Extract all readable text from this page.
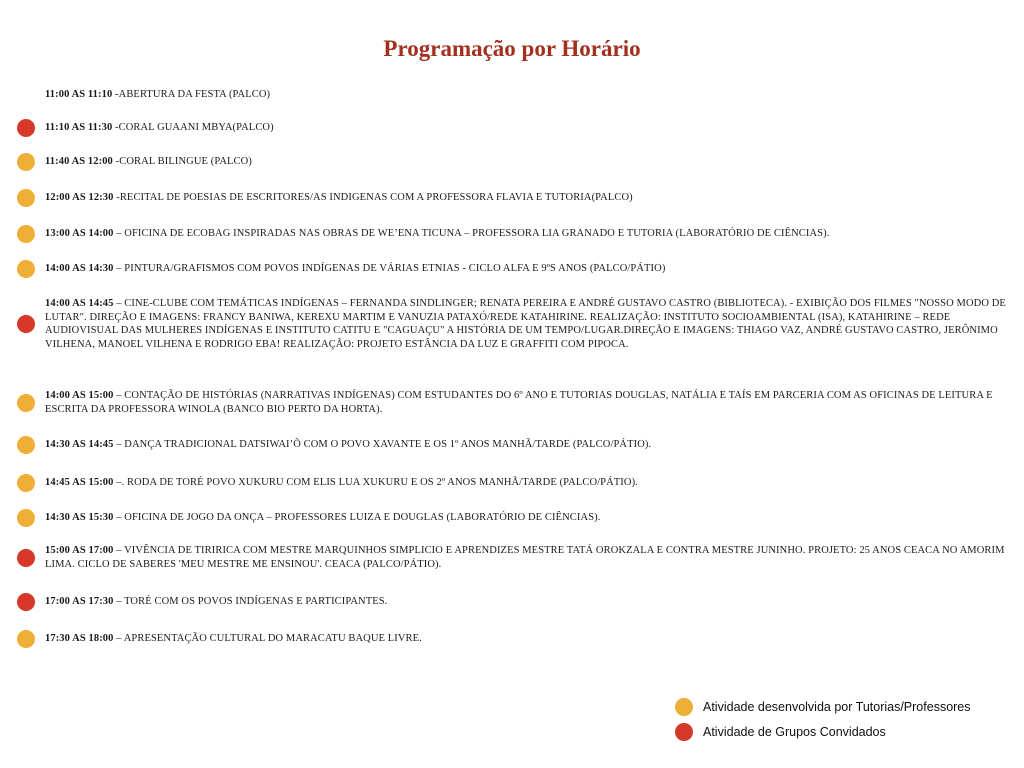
Programação por Horário
11:00 AS 11:10 -ABERTURA DA FESTA (PALCO)
11:10 AS 11:30 -CORAL GUAANI MBYA(PALCO)
11:40 AS 12:00 -CORAL BILINGUE (PALCO)
12:00 AS 12:30 -RECITAL DE POESIAS DE ESCRITORES/AS INDIGENAS COM A PROFESSORA FLAVIA E TUTORIA(PALCO)
13:00 AS 14:00 – OFICINA DE ECOBAG INSPIRADAS NAS OBRAS DE WE’ENA TICUNA – PROFESSORA LIA GRANADO E TUTORIA (LABORATÓRIO DE CIÊNCIAS).
14:00 AS 14:30 – PINTURA/GRAFISMOS COM POVOS INDÍGENAS DE VÁRIAS ETNIAS - CICLO ALFA E 9ºS ANOS (PALCO/PÁTIO)
14:00 AS 14:45 – CINE-CLUBE COM TEMÁTICAS INDÍGENAS – FERNANDA SINDLINGER; RENATA PEREIRA E ANDRÉ GUSTAVO CASTRO (BIBLIOTECA). - EXIBIÇÃO DOS FILMES "NOSSO MODO DE LUTAR". DIREÇÃO E IMAGENS: FRANCY BANIWA, KEREXU MARTIM E VANUZIA PATAXÓ/REDE KATAHIRINE. REALIZAÇÃO: INSTITUTO SOCIOAMBIENTAL (ISA), KATAHIRINE – REDE AUDIOVISUAL DAS MULHERES INDÍGENAS E INSTITUTO CATITU E "CAGUAÇU" A HISTÓRIA DE UM TEMPO/LUGAR.DIREÇÃO E IMAGENS: THIAGO VAZ, ANDRÉ GUSTAVO CASTRO, JERÔNIMO VILHENA, MANOEL VILHENA E RODRIGO EBA! REALIZAÇÃO: PROJETO ESTÂNCIA DA LUZ E GRAFFITI COM PIPOCA.
14:00 AS 15:00 – CONTAÇÃO DE HISTÓRIAS (NARRATIVAS INDÍGENAS) COM ESTUDANTES DO 6º ANO E TUTORIAS DOUGLAS, NATÁLIA E TAÍS EM PARCERIA COM AS OFICINAS DE LEITURA E ESCRITA DA PROFESSORA WINOLA (BANCO BIO PERTO DA HORTA).
14:30 AS 14:45 – DANÇA TRADICIONAL DATSIWAI’Õ COM O POVO XAVANTE E OS 1º ANOS MANHÃ/TARDE (PALCO/PÁTIO).
14:45 AS 15:00 –. RODA DE TORÉ POVO XUKURU COM ELIS LUA XUKURU E OS 2º ANOS MANHÃ/TARDE (PALCO/PÁTIO).
14:30 AS 15:30 – OFICINA DE JOGO DA ONÇA – PROFESSORES LUIZA E DOUGLAS (LABORATÓRIO DE CIÊNCIAS).
15:00 AS 17:00 – VIVÊNCIA DE TIRIRICA COM MESTRE MARQUINHOS SIMPLICIO E APRENDIZES MESTRE TATÁ OROKZALA E CONTRA MESTRE JUNINHO. PROJETO: 25 ANOS CEACA NO AMORIM LIMA. CICLO DE SABERES 'MEU MESTRE ME ENSINOU'. CEACA (PALCO/PÁTIO).
17:00 AS 17:30 – TORÉ COM OS POVOS INDÍGENAS E PARTICIPANTES.
17:30 AS 18:00 – APRESENTAÇÃO CULTURAL DO MARACATU BAQUE LIVRE.
Atividade desenvolvida por Tutorias/Professores
Atividade de Grupos Convidados
